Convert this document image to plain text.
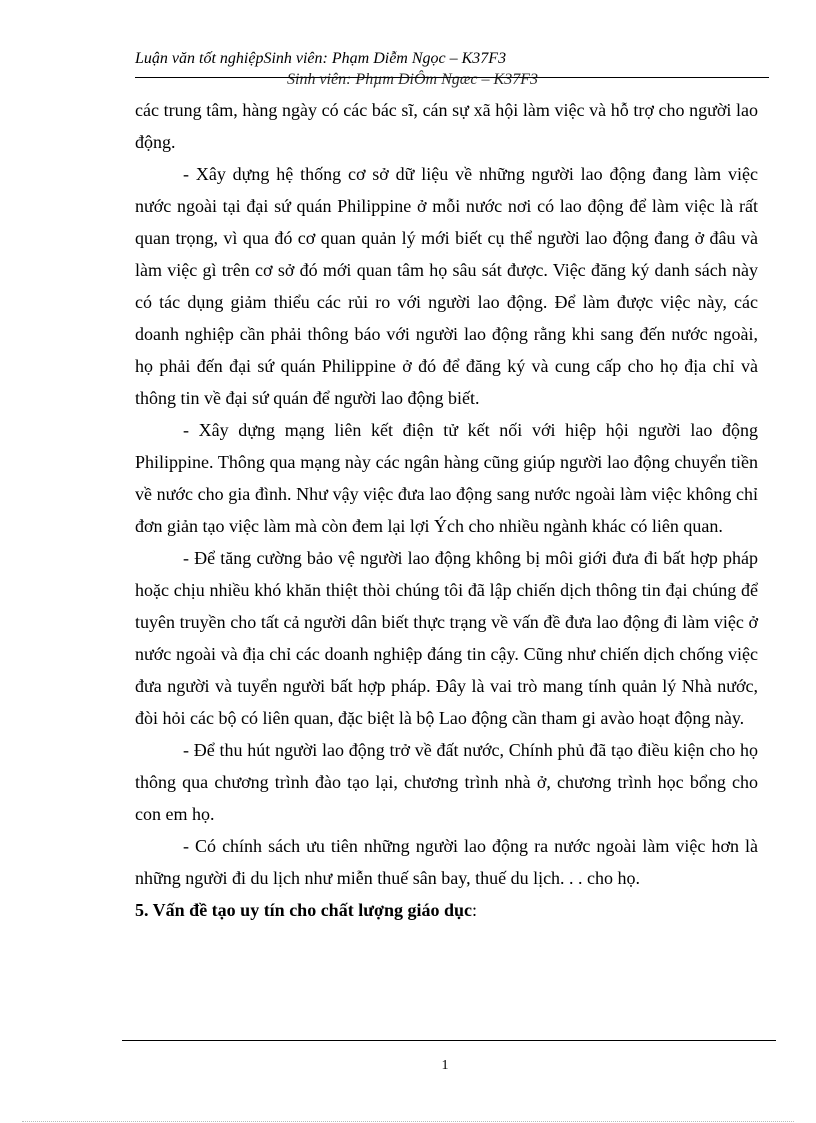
Luận văn tốt nghiệpSinh viên: Phạm Diễm Ngọc – K37F3
Sinh viên: Phµm DiÔm Ngæc – K37F3

các trung tâm, hàng ngày có các bác sĩ, cán sự xã hội làm việc và hỗ trợ cho người lao động.

- Xây dựng hệ thống cơ sở dữ liệu về những người lao động đang làm việc nước ngoài tại đại sứ quán Philippine ở mỗi nước nơi có lao động để làm việc là rất quan trọng, vì qua đó cơ quan quản lý mới biết cụ thể người lao động đang ở đâu và làm việc gì trên cơ sở đó mới quan tâm họ sâu sát được. Việc đăng ký danh sách này có tác dụng giảm thiểu các rủi ro với người lao động. Để làm được việc này, các doanh nghiệp cần phải thông báo với người lao động rằng khi sang đến nước ngoài, họ phải đến đại sứ quán Philippine ở đó để đăng ký và cung cấp cho họ địa chỉ và thông tin về đại sứ quán để người lao động biết.

- Xây dựng mạng liên kết điện tử kết nối với hiệp hội người lao động Philippine. Thông qua mạng này các ngân hàng cũng giúp người lao động chuyển tiền về nước cho gia đình. Như vậy việc đưa lao động sang nước ngoài làm việc không chỉ đơn giản tạo việc làm mà còn đem lại lợi Ých cho nhiều ngành khác có liên quan.

- Để tăng cường bảo vệ người lao động không bị môi giới đưa đi bất hợp pháp hoặc chịu nhiều khó khăn thiệt thòi chúng tôi đã lập chiến dịch thông tin đại chúng để tuyên truyền cho tất cả người dân biết thực trạng về vấn đề đưa lao động đi làm việc ở nước ngoài và địa chỉ các doanh nghiệp đáng tin cậy. Cũng như chiến dịch chống việc đưa người và tuyển người bất hợp pháp. Đây là vai trò mang tính quản lý Nhà nước, đòi hỏi các bộ có liên quan, đặc biệt là bộ Lao động cần tham gi avào hoạt động này.

- Để thu hút người lao động trở về đất nước, Chính phủ đã tạo điều kiện cho họ thông qua chương trình đào tạo lại, chương trình nhà ở, chương trình học bổng cho con em họ.

- Có chính sách ưu tiên những người lao động ra nước ngoài làm việc hơn là những người đi du lịch như miễn thuế sân bay, thuế du lịch. . . cho họ.

5. Vấn đề tạo uy tín cho chất lượng giáo dục:

1
